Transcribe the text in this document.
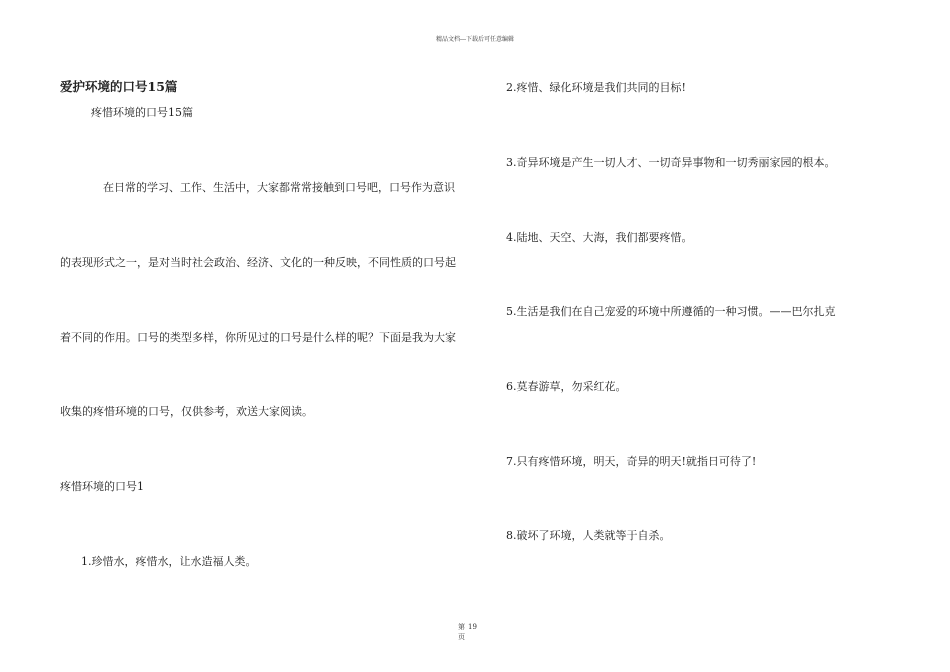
精品文档---下载后可任意编辑
爱护环境的口号15篇
疼惜环境的口号15篇
在日常的学习、工作、生活中，大家都常常接触到口号吧，口号作为意识
的表现形式之一，是对当时社会政治、经济、文化的一种反映，不同性质的口号起
着不同的作用。口号的类型多样，你所见过的口号是什么样的呢？下面是我为大家
收集的疼惜环境的口号，仅供参考，欢送大家阅读。
疼惜环境的口号1
1.珍惜水，疼惜水，让水造福人类。
2.疼惜、绿化环境是我们共同的目标!
3.奇异环境是产生一切人才、一切奇异事物和一切秀丽家园的根本。
4.陆地、天空、大海，我们都要疼惜。
5.生活是我们在自己宠爱的环境中所遵循的一种习惯。——巴尔扎克
6.莫春游草，勿采红花。
7.只有疼惜环境，明天，奇异的明天!就指日可待了!
8.破坏了环境，人类就等于自杀。
第 19
页
